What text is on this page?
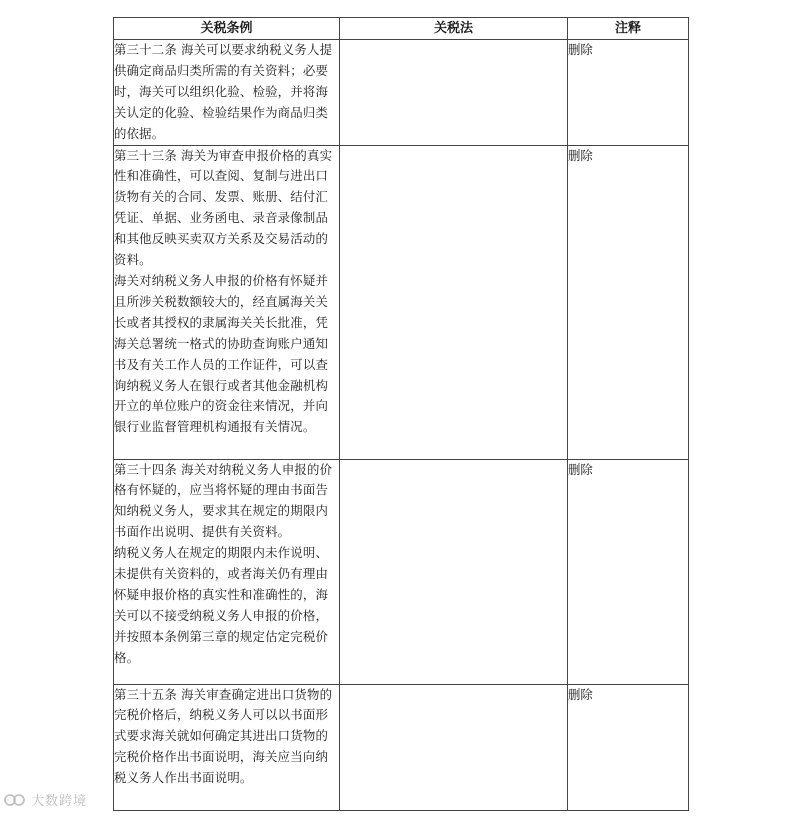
关税条例	关税法	注释

第三十二条 海关可以要求纳税义务人提供确定商品归类所需的有关资料；必要时，海关可以组织化验、检验，并将海关认定的化验、检验结果作为商品归类的依据。		删除

第三十三条 海关为审查申报价格的真实性和准确性，可以查阅、复制与进出口货物有关的合同、发票、账册、结付汇凭证、单据、业务函电、录音录像制品和其他反映买卖双方关系及交易活动的资料。

海关对纳税义务人申报的价格有怀疑并且所涉关税数额较大的，经直属海关关长或者其授权的隶属海关关长批准，凭海关总署统一格式的协助查询账户通知书及有关工作人员的工作证件，可以查询纳税义务人在银行或者其他金融机构开立的单位账户的资金往来情况，并向银行业监督管理机构通报有关情况。		删除

第三十四条 海关对纳税义务人申报的价格有怀疑的，应当将怀疑的理由书面告知纳税义务人，要求其在规定的期限内书面作出说明、提供有关资料。

纳税义务人在规定的期限内未作说明、未提供有关资料的，或者海关仍有理由怀疑申报价格的真实性和准确性的，海关可以不接受纳税义务人申报的价格，并按照本条例第三章的规定估定完税价格。		删除

第三十五条 海关审查确定进出口货物的完税价格后，纳税义务人可以以书面形式要求海关就如何确定其进出口货物的完税价格作出书面说明，海关应当向纳税义务人作出书面说明。		删除
大数跨境
